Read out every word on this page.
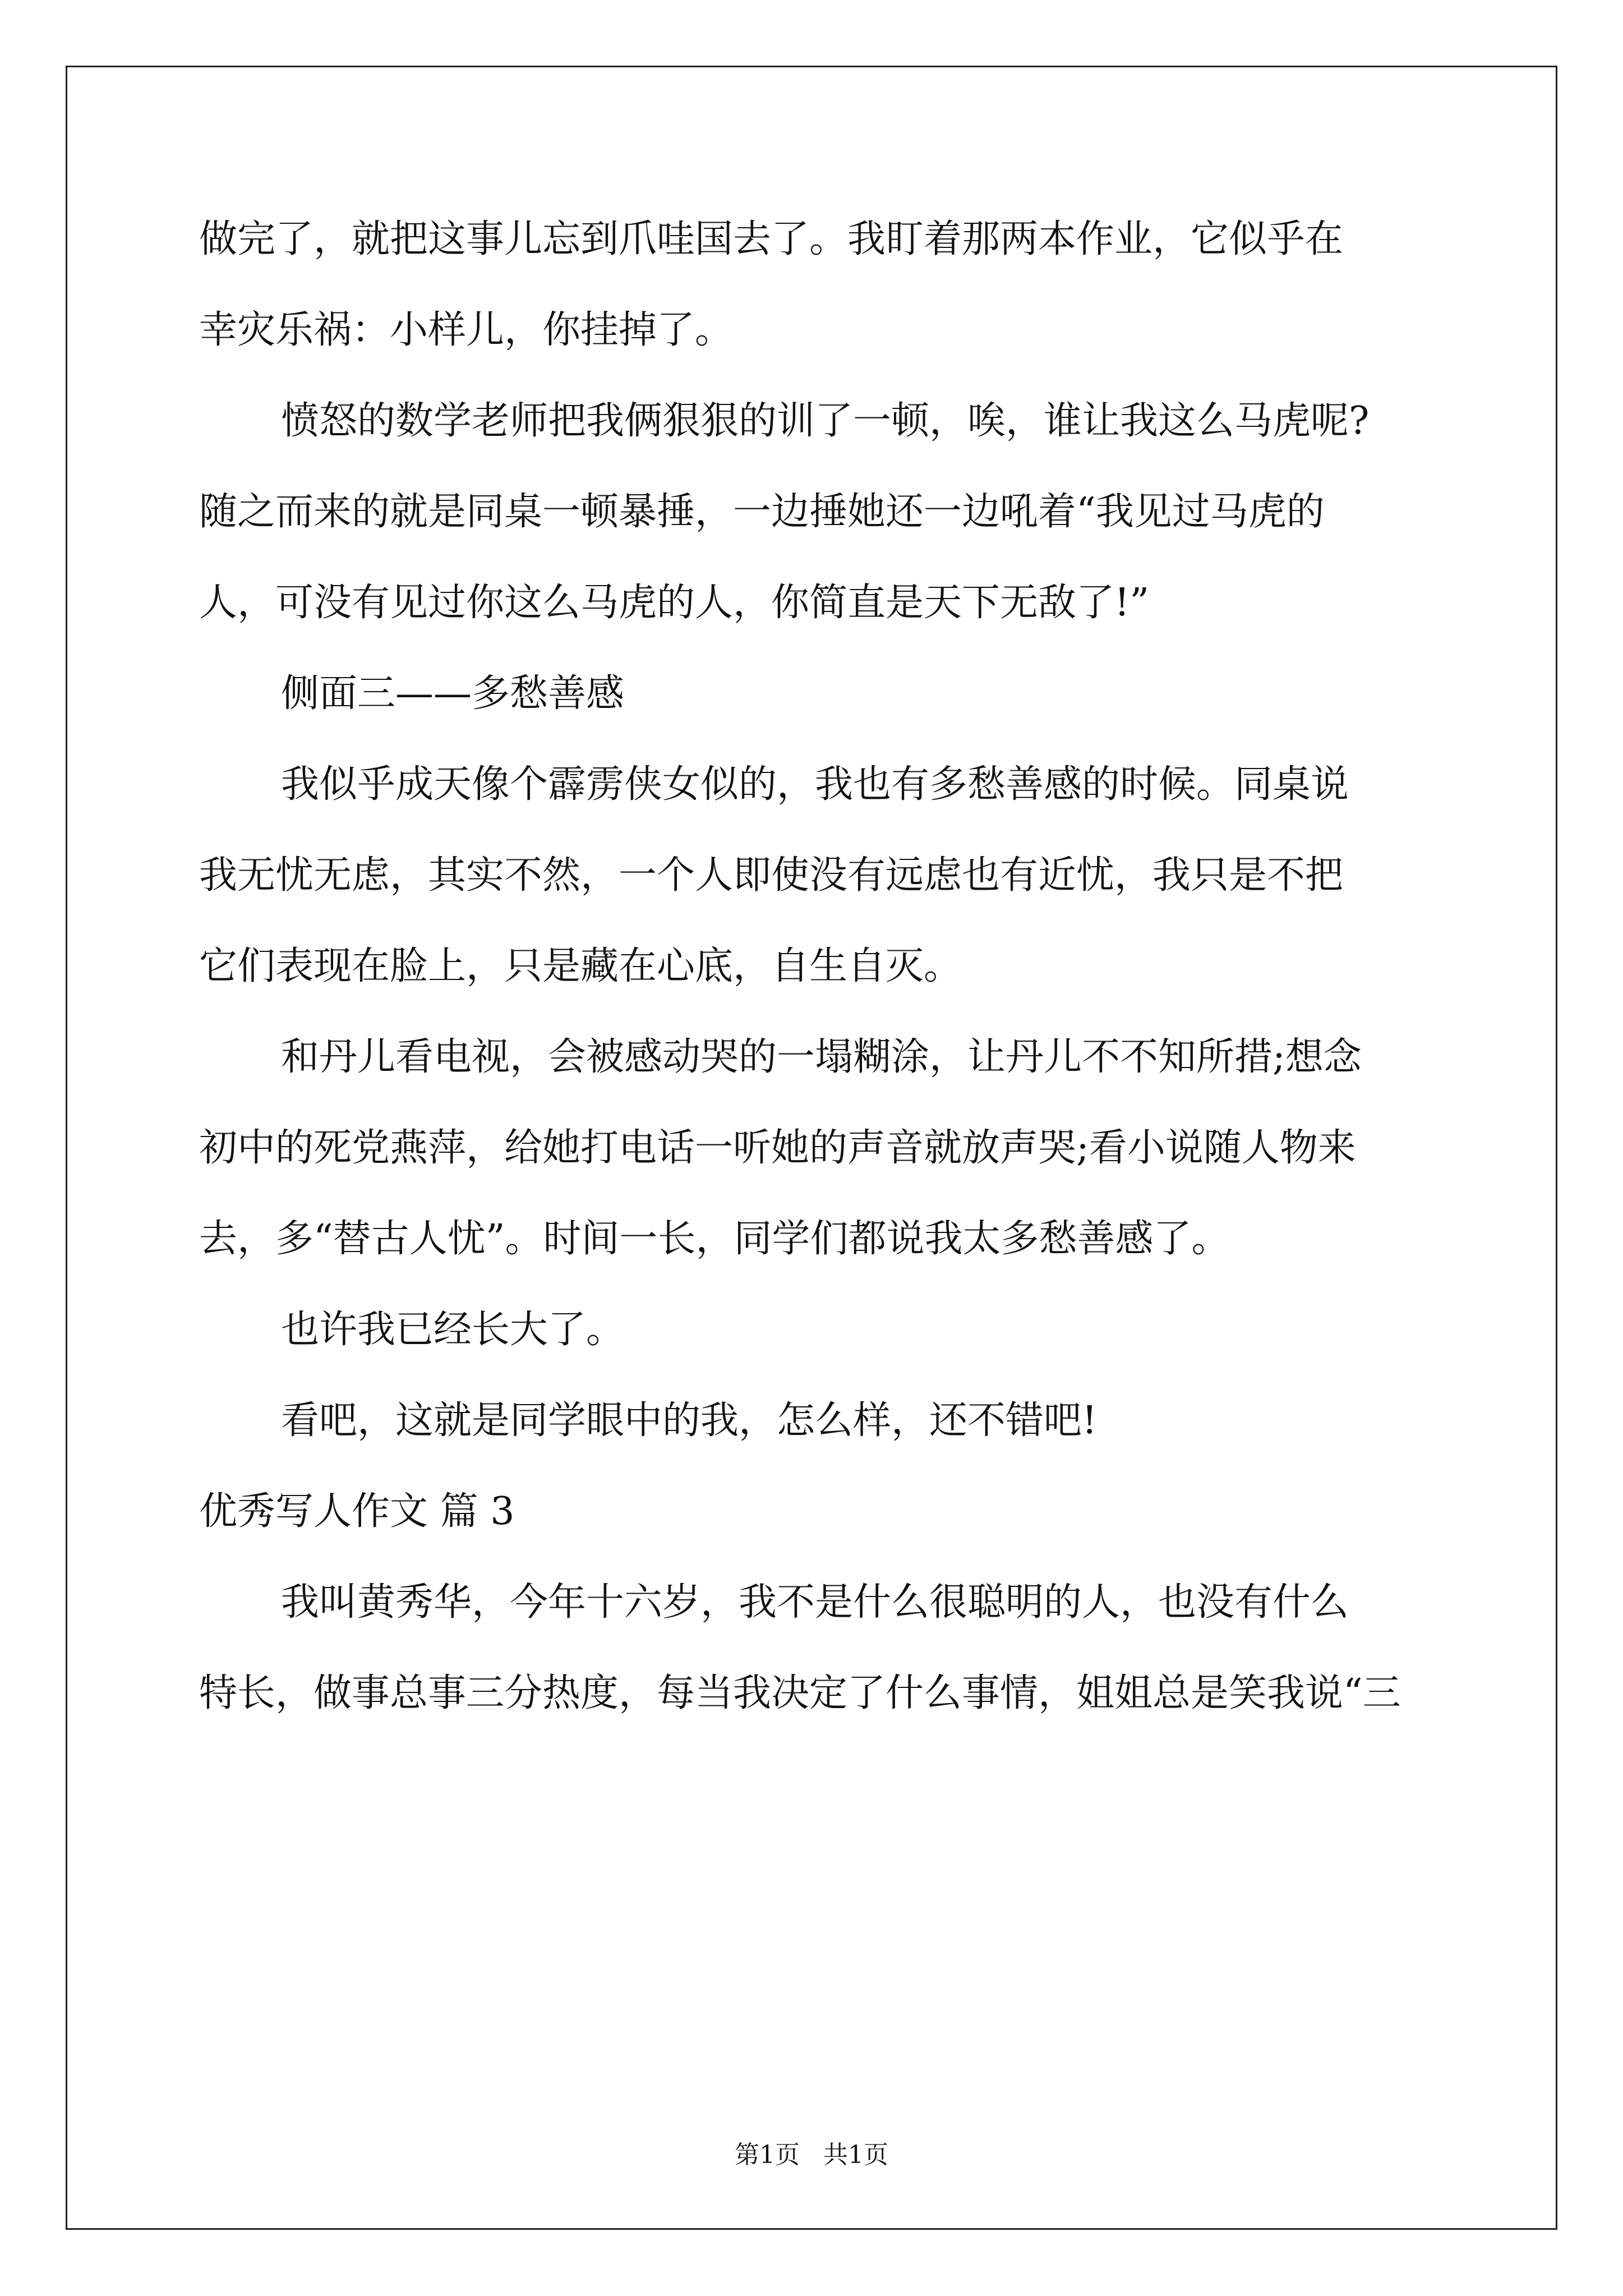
做完了，就把这事儿忘到爪哇国去了。我盯着那两本作业，它似乎在
幸灾乐祸：小样儿，你挂掉了。
愤怒的数学老师把我俩狠狠的训了一顿，唉，谁让我这么马虎呢?
随之而来的就是同桌一顿暴捶，一边捶她还一边吼着“我见过马虎的
人，可没有见过你这么马虎的人，你简直是天下无敌了!”
侧面三——多愁善感
我似乎成天像个霹雳侠女似的，我也有多愁善感的时候。同桌说
我无忧无虑，其实不然，一个人即使没有远虑也有近忧，我只是不把
它们表现在脸上，只是藏在心底，自生自灭。
和丹儿看电视，会被感动哭的一塌糊涂，让丹儿不不知所措;想念
初中的死党燕萍，给她打电话一听她的声音就放声哭;看小说随人物来
去，多“替古人忧”。时间一长，同学们都说我太多愁善感了。
也许我已经长大了。
看吧，这就是同学眼中的我，怎么样，还不错吧!
优秀写人作文 篇 3
我叫黄秀华，今年十六岁，我不是什么很聪明的人，也没有什么
特长，做事总事三分热度，每当我决定了什么事情，姐姐总是笑我说“三
第1页   共1页
